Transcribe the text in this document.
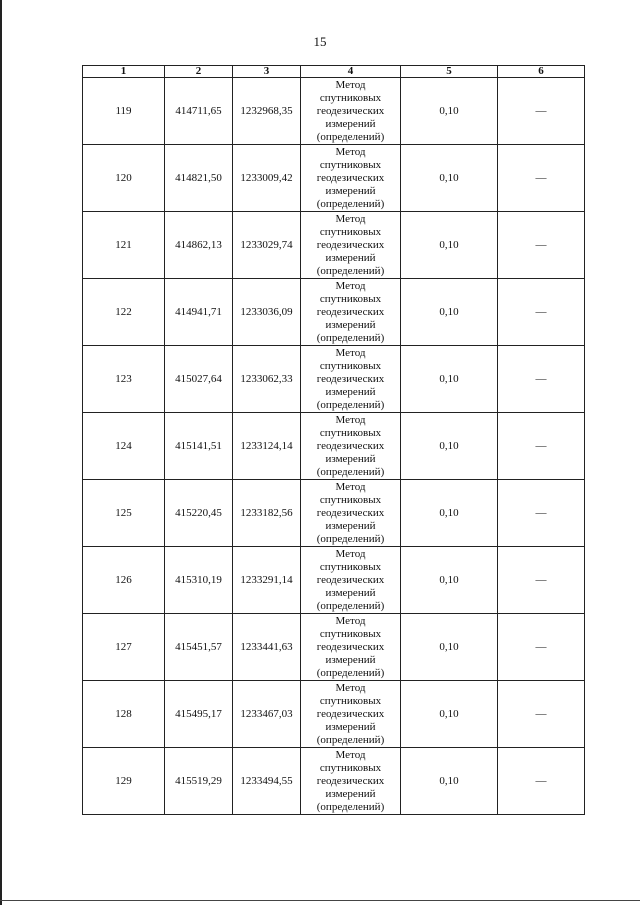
15
1	2	3	4	5	6
119	414711,65	1232968,35	Метод
спутниковых
геодезических
измерений
(определений)	0,10	—
120	414821,50	1233009,42	Метод
спутниковых
геодезических
измерений
(определений)	0,10	—
121	414862,13	1233029,74	Метод
спутниковых
геодезических
измерений
(определений)	0,10	—
122	414941,71	1233036,09	Метод
спутниковых
геодезических
измерений
(определений)	0,10	—
123	415027,64	1233062,33	Метод
спутниковых
геодезических
измерений
(определений)	0,10	—
124	415141,51	1233124,14	Метод
спутниковых
геодезических
измерений
(определений)	0,10	—
125	415220,45	1233182,56	Метод
спутниковых
геодезических
измерений
(определений)	0,10	—
126	415310,19	1233291,14	Метод
спутниковых
геодезических
измерений
(определений)	0,10	—
127	415451,57	1233441,63	Метод
спутниковых
геодезических
измерений
(определений)	0,10	—
128	415495,17	1233467,03	Метод
спутниковых
геодезических
измерений
(определений)	0,10	—
129	415519,29	1233494,55	Метод
спутниковых
геодезических
измерений
(определений)	0,10	—
